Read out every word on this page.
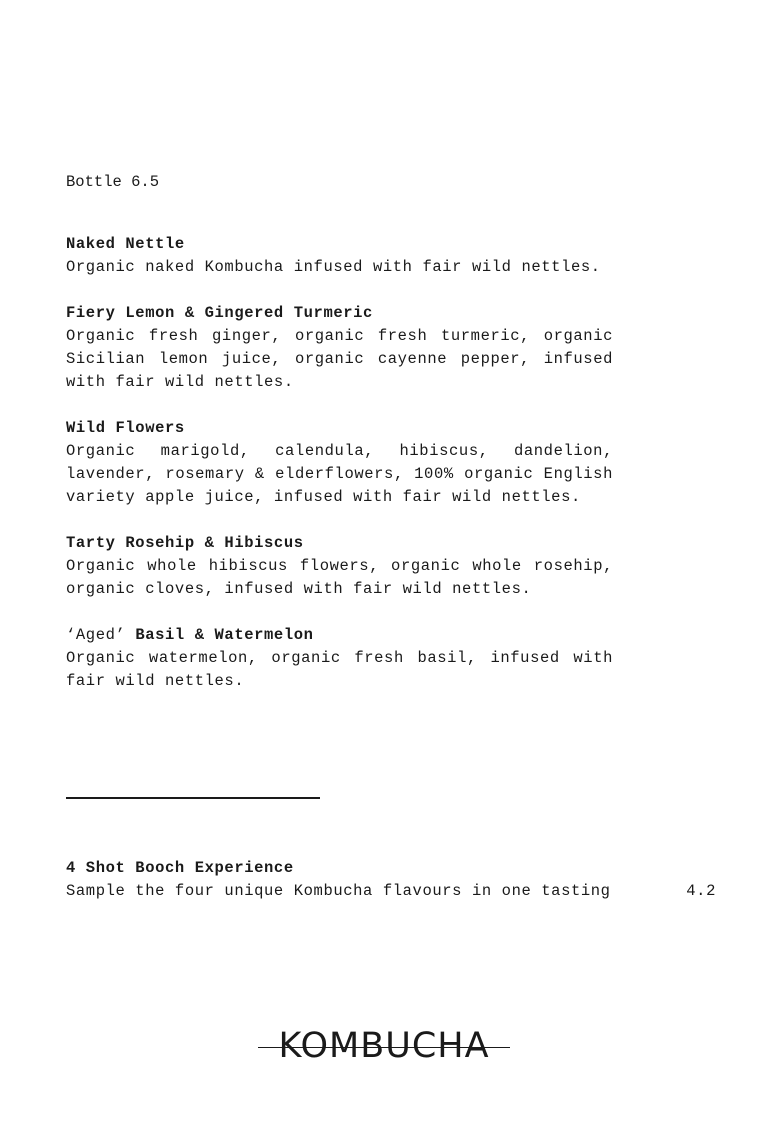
Bottle 6.5
Naked Nettle
Organic naked Kombucha infused with fair wild nettles.
Fiery Lemon & Gingered Turmeric
Organic fresh ginger, organic fresh turmeric, organic Sicilian lemon juice, organic cayenne pepper, infused with fair wild nettles.
Wild Flowers
Organic marigold, calendula, hibiscus, dandelion, lavender, rosemary & elderflowers, 100% organic English variety apple juice, infused with fair wild nettles.
Tarty Rosehip & Hibiscus
Organic whole hibiscus flowers, organic whole rosehip, organic cloves, infused with fair wild nettles.
‘Aged’ Basil & Watermelon
Organic watermelon, organic fresh basil, infused with fair wild nettles.
4 Shot Booch Experience
Sample the four unique Kombucha flavours in one tasting	4.2
KOMBUCHA
